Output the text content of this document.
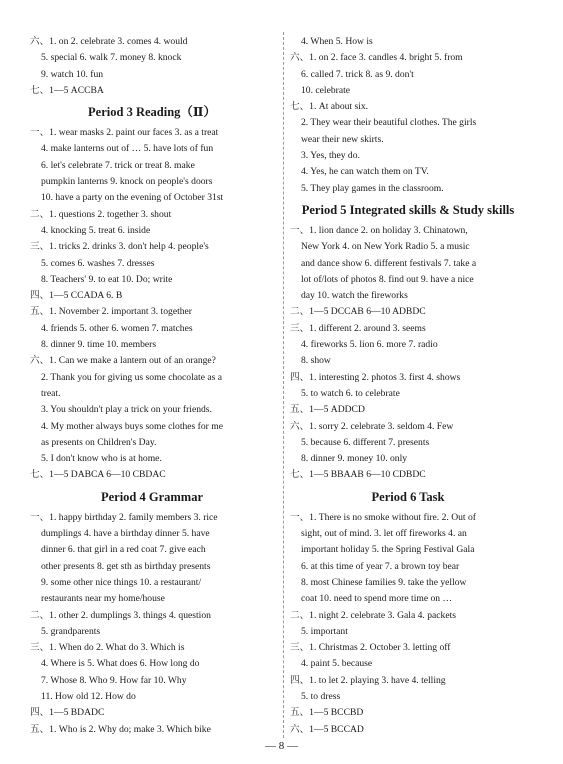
六、1. on 2. celebrate 3. comes 4. would
5. special 6. walk 7. money 8. knock
9. watch 10. fun
七、1—5 ACCBA
Period 3 Reading（Ⅱ）
一、1. wear masks 2. paint our faces 3. as a treat
4. make lanterns out of … 5. have lots of fun
6. let's celebrate 7. trick or treat 8. make
pumpkin lanterns 9. knock on people's doors
10. have a party on the evening of October 31st
二、1. questions 2. together 3. shout
4. knocking 5. treat 6. inside
三、1. tricks 2. drinks 3. don't help 4. people's
5. comes 6. washes 7. dresses
8. Teachers' 9. to eat 10. Do; write
四、1—5 CCADA 6. B
五、1. November 2. important 3. together
4. friends 5. other 6. women 7. matches
8. dinner 9. time 10. members
六、1. Can we make a lantern out of an orange?
2. Thank you for giving us some chocolate as a
treat.
3. You shouldn't play a trick on your friends.
4. My mother always buys some clothes for me
as presents on Children's Day.
5. I don't know who is at home.
七、1—5 DABCA 6—10 CBDAC
Period 4 Grammar
一、1. happy birthday 2. family members 3. rice
dumplings 4. have a birthday dinner 5. have
dinner 6. that girl in a red coat 7. give each
other presents 8. get sth as birthday presents
9. some other nice things 10. a restaurant/
restaurants near my home/house
二、1. other 2. dumplings 3. things 4. question
5. grandparents
三、1. When do 2. What do 3. Which is
4. Where is 5. What does 6. How long do
7. Whose 8. Who 9. How far 10. Why
11. How old 12. How do
四、1—5 BDADC
五、1. Who is 2. Why do; make 3. Which bike
4. When 5. How is
六、1. on 2. face 3. candles 4. bright 5. from
6. called 7. trick 8. as 9. don't
10. celebrate
七、1. At about six.
2. They wear their beautiful clothes. The girls
wear their new skirts.
3. Yes, they do.
4. Yes, he can watch them on TV.
5. They play games in the classroom.
Period 5 Integrated skills & Study skills
一、1. lion dance 2. on holiday 3. Chinatown,
New York 4. on New York Radio 5. a music
and dance show 6. different festivals 7. take a
lot of/lots of photos 8. find out 9. have a nice
day 10. watch the fireworks
二、1—5 DCCAB 6—10 ADBDC
三、1. different 2. around 3. seems
4. fireworks 5. lion 6. more 7. radio
8. show
四、1. interesting 2. photos 3. first 4. shows
5. to watch 6. to celebrate
五、1—5 ADDCD
六、1. sorry 2. celebrate 3. seldom 4. Few
5. because 6. different 7. presents
8. dinner 9. money 10. only
七、1—5 BBAAB 6—10 CDBDC
Period 6 Task
一、1. There is no smoke without fire. 2. Out of
sight, out of mind. 3. let off fireworks 4. an
important holiday 5. the Spring Festival Gala
6. at this time of year 7. a brown toy bear
8. most Chinese families 9. take the yellow
coat 10. need to spend more time on …
二、1. night 2. celebrate 3. Gala 4. packets
5. important
三、1. Christmas 2. October 3. letting off
4. paint 5. because
四、1. to let 2. playing 3. have 4. telling
5. to dress
五、1—5 BCCBD
六、1—5 BCCAD
— 8 —
